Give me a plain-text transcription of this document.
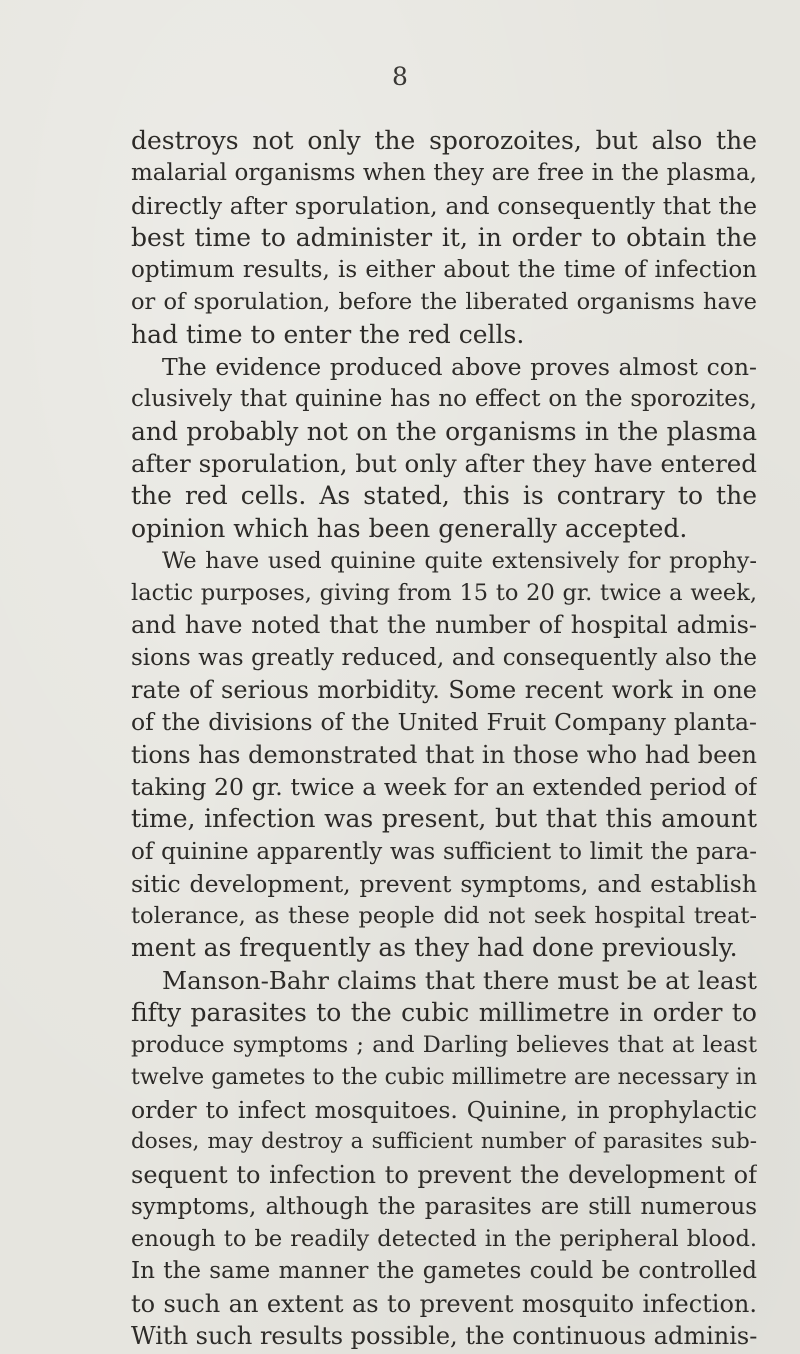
8
destroys not only the sporozoites, but also the
malarial organisms when they are free in the plasma,
directly after sporulation, and consequently that the
best time to administer it, in order to obtain the
optimum results, is either about the time of infection
or of sporulation, before the liberated organisms have
had time to enter the red cells.
The evidence produced above proves almost con-
clusively that quinine has no effect on the sporozites,
and probably not on the organisms in the plasma
after sporulation, but only after they have entered
the red cells. As stated, this is contrary to the
opinion which has been generally accepted.
We have used quinine quite extensively for prophy-
lactic purposes, giving from 15 to 20 gr. twice a week,
and have noted that the number of hospital admis-
sions was greatly reduced, and consequently also the
rate of serious morbidity. Some recent work in one
of the divisions of the United Fruit Company planta-
tions has demonstrated that in those who had been
taking 20 gr. twice a week for an extended period of
time, infection was present, but that this amount
of quinine apparently was sufficient to limit the para-
sitic development, prevent symptoms, and establish
tolerance, as these people did not seek hospital treat-
ment as frequently as they had done previously.
Manson-Bahr claims that there must be at least
fifty parasites to the cubic millimetre in order to
produce symptoms ; and Darling believes that at least
twelve gametes to the cubic millimetre are necessary in
order to infect mosquitoes. Quinine, in prophylactic
doses, may destroy a sufficient number of parasites sub-
sequent to infection to prevent the development of
symptoms, although the parasites are still numerous
enough to be readily detected in the peripheral blood.
In the same manner the gametes could be controlled
to such an extent as to prevent mosquito infection.
With such results possible, the continuous adminis-
